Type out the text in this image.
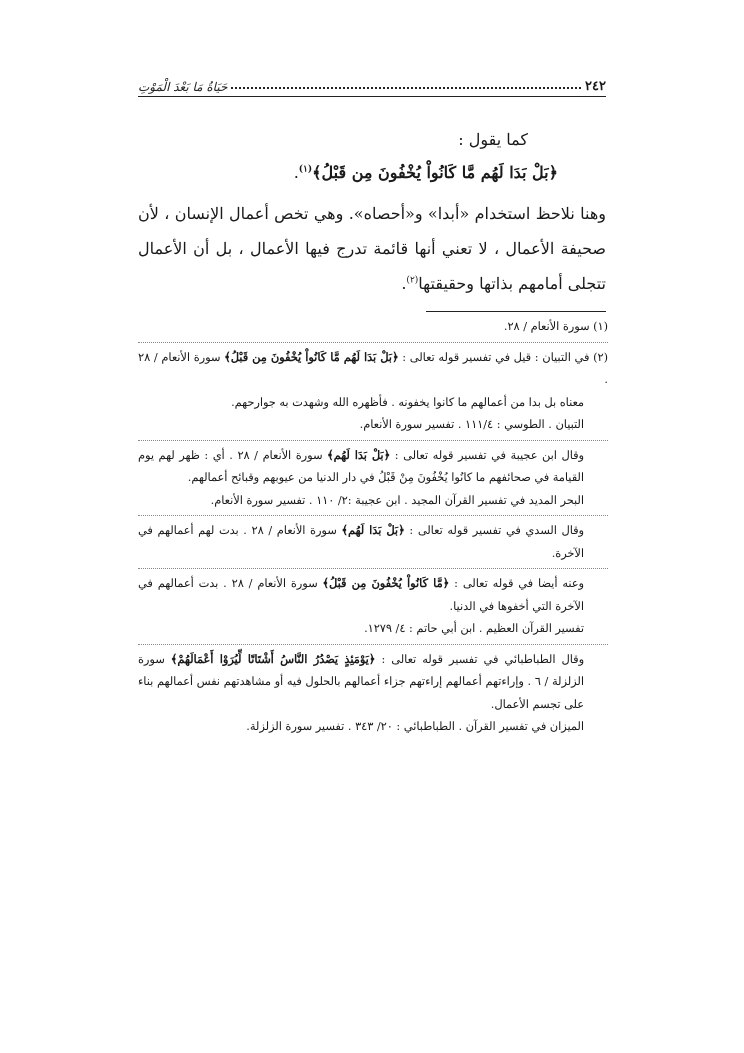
٢٤٢
حَيَاةُ مَا بَعْدَ الْمَوْتِ

كما يقول :

﴿بَلْ بَدَا لَهُم مَّا كَانُواْ يُخْفُونَ مِن قَبْلُ﴾$^{(١)}$.

وهنا نلاحظ استخدام «أبدا» و«أحصاه». وهي تخص أعمال الإنسان ، لأن صحيفة الأعمال ، لا تعني أنها قائمة تدرج فيها الأعمال ، بل أن الأعمال تتجلى أمامهم بذاتها وحقيقتها$^{(٢)}$.

(١) سورة الأنعام / ٢٨.

(٢) في التبيان : قيل في تفسير قوله تعالى : ﴿بَلْ بَدَا لَهُم مَّا كَانُواْ يُخْفُونَ مِن قَبْلُ﴾ سورة الأنعام / ٢٨ .
معناه بل بدا من أعمالهم ما كانوا يخفونه . فأظهره الله وشهدت به جوارحهم.
التبيان . الطوسي : ١١١/٤ . تفسير سورة الأنعام.

وقال ابن عجيبة في تفسير قوله تعالى : ﴿بَلْ بَدَا لَهُم﴾ سورة الأنعام / ٢٨ . أي : ظهر لهم يوم القيامة في صحائفهم ما كانُوا يُخْفُونَ مِنْ قَبْلُ في دار الدنيا من عيوبهم وقبائح أعمالهم.
البحر المديد في تفسير القرآن المجيد . ابن عجيبة :٢/ ١١٠ . تفسير سورة الأنعام.

وقال السدي في تفسير قوله تعالى : ﴿بَلْ بَدَا لَهُم﴾ سورة الأنعام / ٢٨ . بدت لهم أعمالهم في الآخرة.

وعنه أيضا في قوله تعالى : ﴿مَّا كَانُواْ يُخْفُونَ مِن قَبْلُ﴾ سورة الأنعام / ٢٨ . بدت أعمالهم في الآخرة التي أخفوها في الدنيا.
تفسير القرآن العظيم . ابن أبي حاتم : ٤/ ١٢٧٩.

وقال الطباطبائي في تفسير قوله تعالى : ﴿يَوْمَئِذٍ يَصْدُرُ النَّاسُ أَشْتَاتًا لِّيُرَوْا أَعْمَالَهُمْ﴾ سورة الزلزلة / ٦ . وإراءتهم أعمالهم إراءتهم جزاء أعمالهم بالحلول فيه أو مشاهدتهم نفس أعمالهم بناء على تجسم الأعمال.
الميزان في تفسير القرآن . الطباطبائي : ٢٠/ ٣٤٣ . تفسير سورة الزلزلة.
